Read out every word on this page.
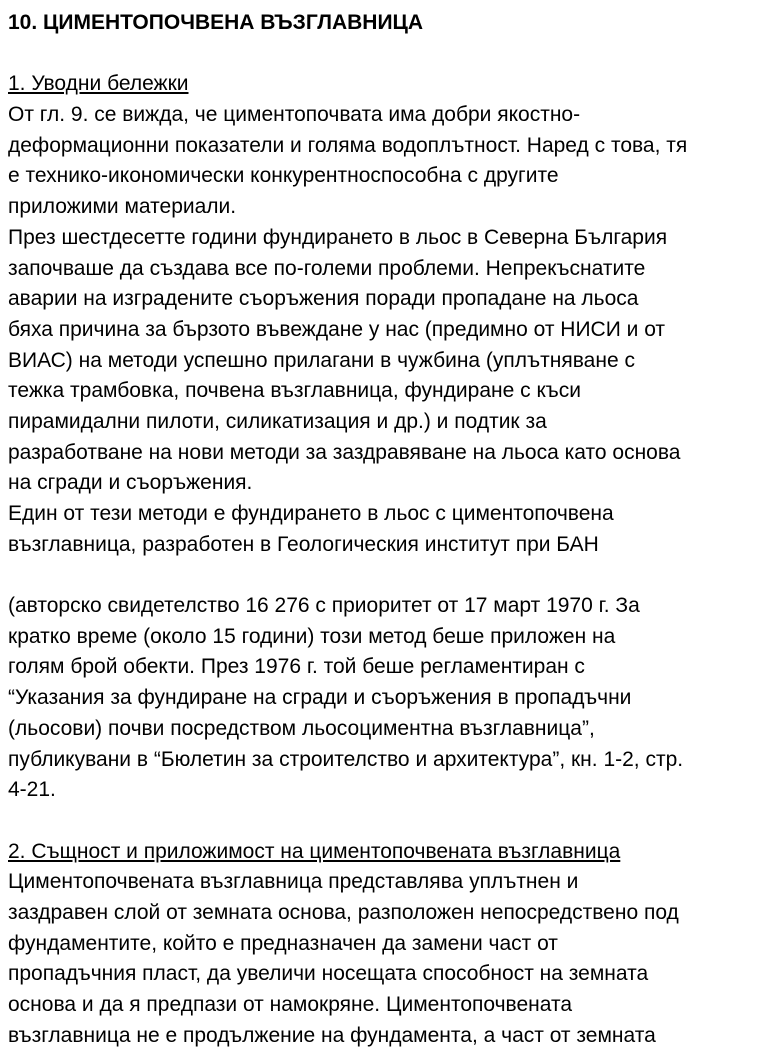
10. ЦИМЕНТОПОЧВЕНА ВЪЗГЛАВНИЦА
1. Уводни бележки
От гл. 9. се вижда, че циментопочвата има добри якостно-
деформационни показатели и голяма водоплътност. Наред с това, тя
е технико-икономически конкурентноспособна с другите
приложими материали.
През шестдесетте години фундирането в льос в Северна България
започваше да създава все по-големи проблеми. Непрекъснатите
аварии на изградените съоръжения поради пропадане на льоса
бяха причина за бързото въвеждане у нас (предимно от НИСИ и от
ВИАС) на методи успешно прилагани в чужбина (уплътняване с
тежка трамбовка, почвена възглавница, фундиране с къси
пирамидални пилоти, силикатизация и др.) и подтик за
разработване на нови методи за заздравяване на льоса като основа
на сгради и съоръжения.
Един от тези методи е фундирането в льос с циментопочвена
възглавница, разработен в Геологическия институт при БАН
(авторско свидетелство 16 276 с приоритет от 17 март 1970 г. За
кратко време (около 15 години) този метод беше приложен на
голям брой обекти. През 1976 г. той беше регламентиран с
“Указания за фундиране на сгради и съоръжения в пропадъчни
(льосови) почви посредством льосоциментна възглавница”,
публикувани в “Бюлетин за строителство и архитектура”, кн. 1-2, стр.
4-21.
2. Същност и приложимост на циментопочвената възглавница
Циментопочвената възглавница представлява уплътнен и
заздравен слой от земната основа, разположен непосредствено под
фундаментите, който е предназначен да замени част от
пропадъчния пласт, да увеличи носещата способност на земната
основа и да я предпази от намокряне. Циментопочвената
възглавница не е продължение на фундамента, а част от земната
